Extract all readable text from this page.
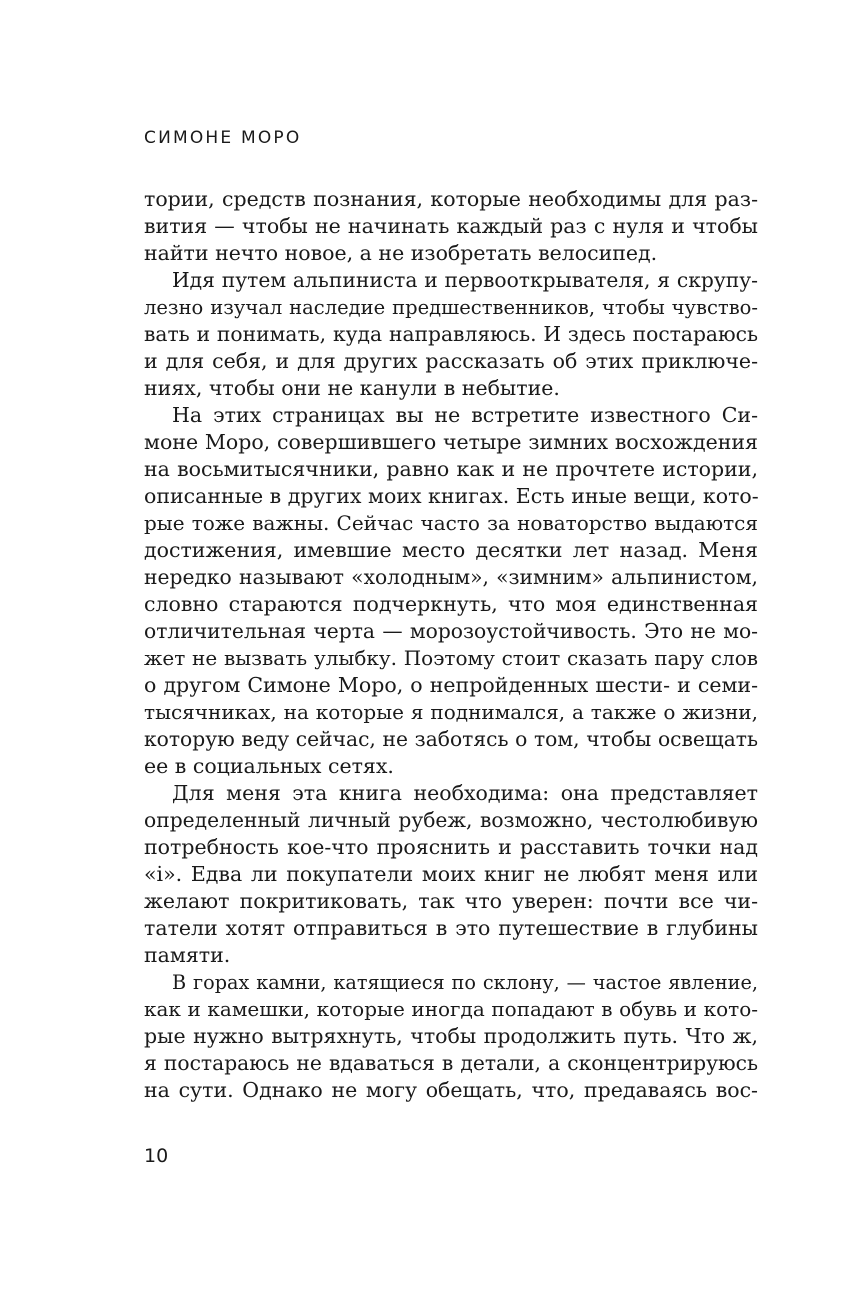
СИМОНЕ МОРО
тории, средств познания, которые необходимы для раз-
вития — чтобы не начинать каждый раз с нуля и чтобы
найти нечто новое, а не изобретать велосипед.
Идя путем альпиниста и первооткрывателя, я скрупу-
лезно изучал наследие предшественников, чтобы чувство-
вать и понимать, куда направляюсь. И здесь постараюсь
и для себя, и для других рассказать об этих приключе-
ниях, чтобы они не канули в небытие.
На этих страницах вы не встретите известного Си-
моне Моро, совершившего четыре зимних восхождения
на восьмитысячники, равно как и не прочтете истории,
описанные в других моих книгах. Есть иные вещи, кото-
рые тоже важны. Сейчас часто за новаторство выдаются
достижения, имевшие место десятки лет назад. Меня
нередко называют «холодным», «зимним» альпинистом,
словно стараются подчеркнуть, что моя единственная
отличительная черта — морозоустойчивость. Это не мо-
жет не вызвать улыбку. Поэтому стоит сказать пару слов
о другом Симоне Моро, о непройденных шести- и семи-
тысячниках, на которые я поднимался, а также о жизни,
которую веду сейчас, не заботясь о том, чтобы освещать
ее в социальных сетях.
Для меня эта книга необходима: она представляет
определенный личный рубеж, возможно, честолюбивую
потребность кое-что прояснить и расставить точки над
«i». Едва ли покупатели моих книг не любят меня или
желают покритиковать, так что уверен: почти все чи-
татели хотят отправиться в это путешествие в глубины
памяти.
В горах камни, катящиеся по склону, — частое явление,
как и камешки, которые иногда попадают в обувь и кото-
рые нужно вытряхнуть, чтобы продолжить путь. Что ж,
я постараюсь не вдаваться в детали, а сконцентрируюсь
на сути. Однако не могу обещать, что, предаваясь вос-
10
